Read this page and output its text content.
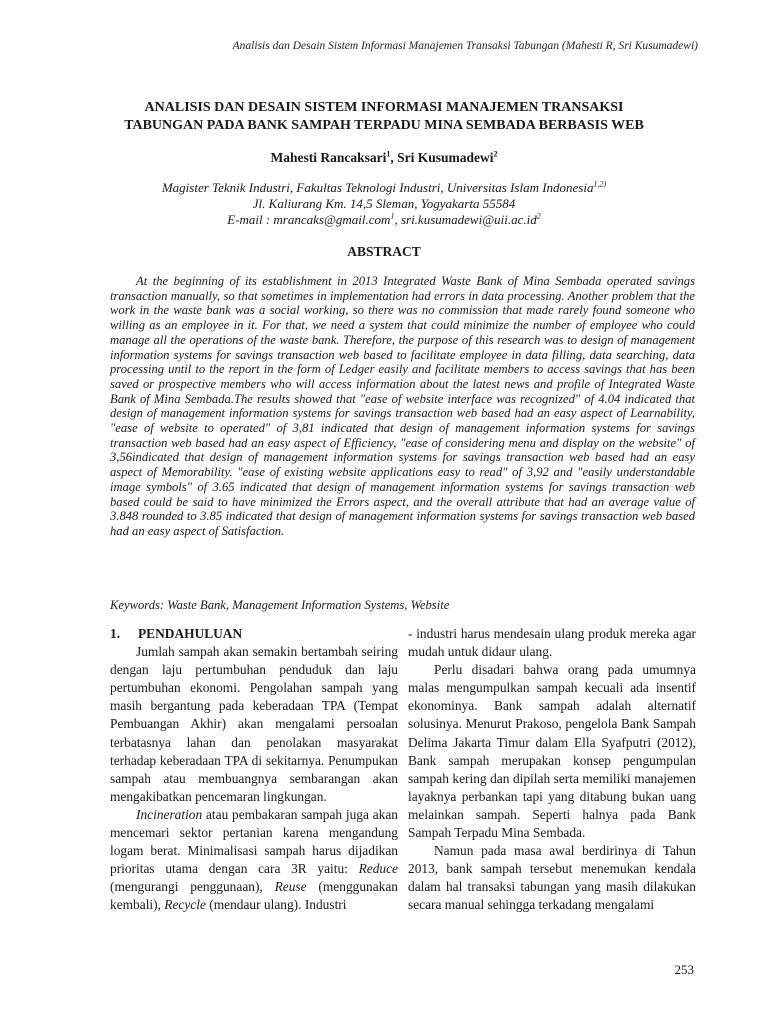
Analisis dan Desain Sistem Informasi Manajemen Transaksi Tabungan (Mahesti R, Sri Kusumadewi)
ANALISIS DAN DESAIN SISTEM INFORMASI MANAJEMEN TRANSAKSI
TABUNGAN PADA BANK SAMPAH TERPADU MINA SEMBADA BERBASIS WEB
Mahesti Rancaksari$^1$, Sri Kusumadewi$^2$
Magister Teknik Industri, Fakultas Teknologi Industri, Universitas Islam Indonesia$^{1,2)}$
Jl. Kaliurang Km. 14,5 Sleman, Yogyakarta 55584
E-mail : mrancaks@gmail.com$^1$, $sri.kusumadewi@uii.ac.id^2$
ABSTRACT

At the beginning of its establishment in 2013 Integrated Waste Bank of Mina Sembada operated savings transaction manually, so that sometimes in implementation had errors in data processing. Another problem that the work in the waste bank was a social working, so there was no commission that made rarely found someone who willing as an employee in it. For that, we need a system that could minimize the number of employee who could manage all the operations of the waste bank. Therefore, the purpose of this research was to design of management information systems for savings transaction web based to facilitate employee in data filling, data searching, data processing until to the report in the form of Ledger easily and facilitate members to access savings that has been saved or prospective members who will access information about the latest news and profile of Integrated Waste Bank of Mina Sembada.The results showed that "ease of website interface was recognized" of 4.04 indicated that design of management information systems for savings transaction web based had an easy aspect of Learnability, "ease of website to operated" of 3,81 indicated that design of management information systems for savings transaction web based had an easy aspect of Efficiency, "ease of considering menu and display on the website" of 3,56indicated that design of management information systems for savings transaction web based had an easy aspect of Memorability. "ease of existing website applications easy to read" of 3,92 and "easily understandable image symbols" of 3.65 indicated that design of management information systems for savings transaction web based could be said to have minimized the Errors aspect, and the overall attribute that had an average value of 3.848 rounded to 3.85 indicated that design of management information systems for savings transaction web based had an easy aspect of Satisfaction.

Keywords: Waste Bank, Management Information Systems, Website

1. PENDAHULUAN

Jumlah sampah akan semakin bertambah seiring dengan laju pertumbuhan penduduk dan laju pertumbuhan ekonomi. Pengolahan sampah yang masih bergantung pada keberadaan TPA (Tempat Pembuangan Akhir) akan mengalami persoalan terbatasnya lahan dan penolakan masyarakat terhadap keberadaan TPA di sekitarnya. Penumpukan sampah atau membuangnya sembarangan akan mengakibatkan pencemaran lingkungan.

Incineration atau pembakaran sampah juga akan mencemari sektor pertanian karena mengandung logam berat. Minimalisasi sampah harus dijadikan prioritas utama dengan cara 3R yaitu: Reduce (mengurangi penggunaan), Reuse (menggunakan kembali), Recycle (mendaur ulang). Industri

- industri harus mendesain ulang produk mereka agar mudah untuk didaur ulang.

Perlu disadari bahwa orang pada umumnya malas mengumpulkan sampah kecuali ada insentif ekonominya. Bank sampah adalah alternatif solusinya. Menurut Prakoso, pengelola Bank Sampah Delima Jakarta Timur dalam Ella Syafputri (2012), Bank sampah merupakan konsep pengumpulan sampah kering dan dipilah serta memiliki manajemen layaknya perbankan tapi yang ditabung bukan uang melainkan sampah. Seperti halnya pada Bank Sampah Terpadu Mina Sembada.

Namun pada masa awal berdirinya di Tahun 2013, bank sampah tersebut menemukan kendala dalam hal transaksi tabungan yang masih dilakukan secara manual sehingga terkadang mengalami

253
